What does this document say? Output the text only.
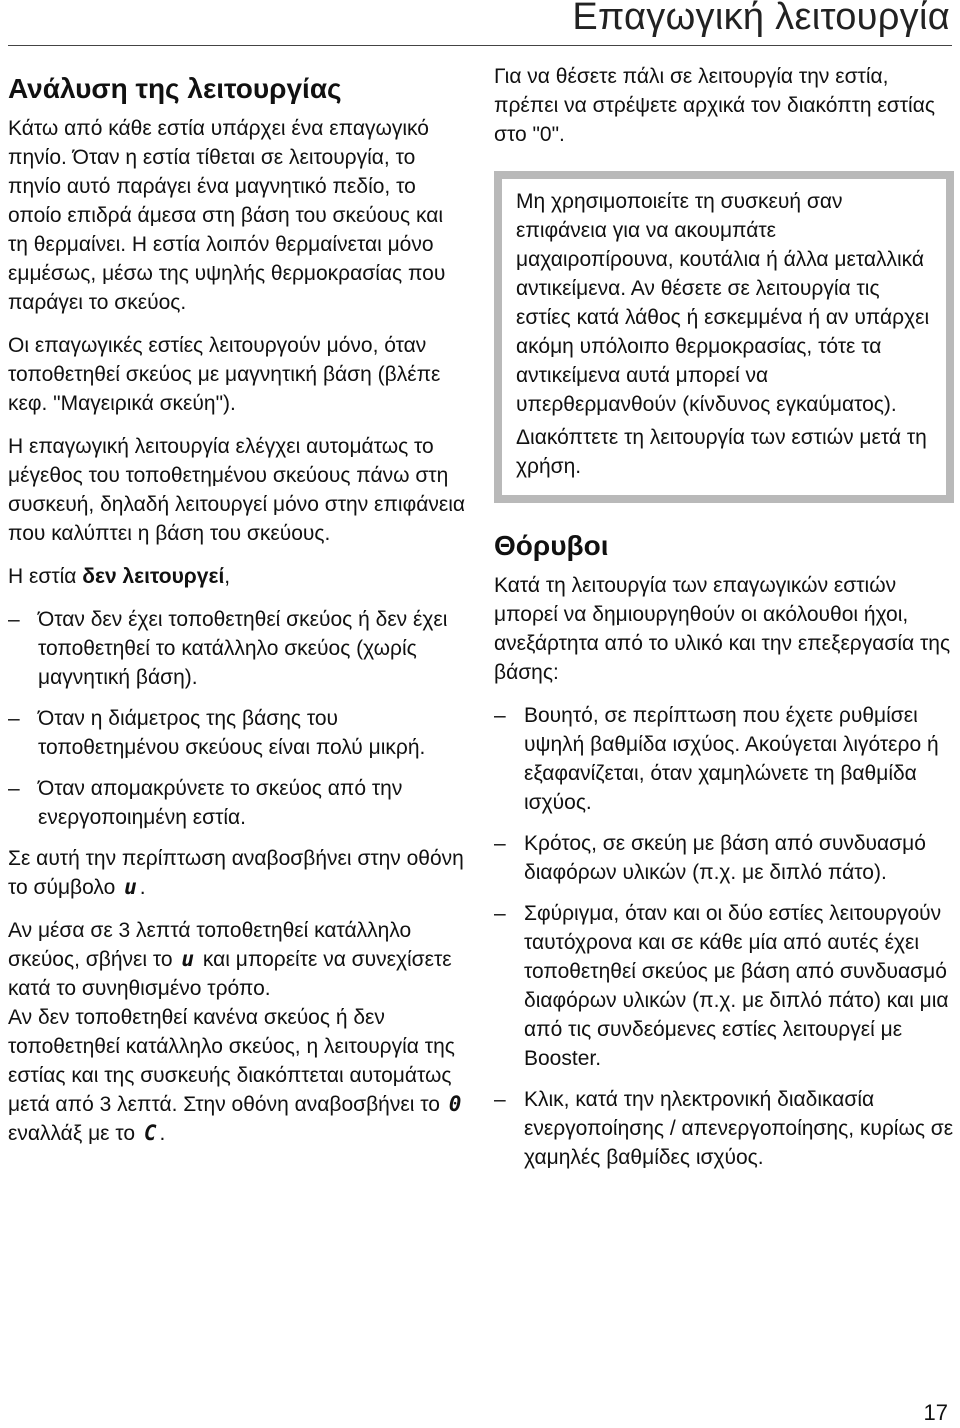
Επαγωγική λειτουργία
Ανάλυση της λειτουργίας

Κάτω από κάθε εστία υπάρχει ένα επαγωγικό πηνίο. Όταν η εστία τίθεται σε λειτουργία, το πηνίο αυτό παράγει ένα μαγνητικό πεδίο, το οποίο επιδρά άμεσα στη βάση του σκεύους και τη θερμαίνει. Η εστία λοιπόν θερμαίνεται μόνο εμμέσως, μέσω της υψηλής θερμοκρασίας που παράγει το σκεύος.

Οι επαγωγικές εστίες λειτουργούν μόνο, όταν τοποθετηθεί σκεύος με μαγνητική βάση (βλέπε κεφ. "Μαγειρικά σκεύη").

Η επαγωγική λειτουργία ελέγχει αυτομάτως το μέγεθος του τοποθετημένου σκεύους πάνω στη συσκευή, δηλαδή λειτουργεί μόνο στην επιφάνεια που καλύπτει η βάση του σκεύους.

Η εστία δεν λειτουργεί,

– Όταν δεν έχει τοποθετηθεί σκεύος ή δεν έχει τοποθετηθεί το κατάλληλο σκεύος (χωρίς μαγνητική βάση).
– Όταν η διάμετρος της βάσης του τοποθετημένου σκεύους είναι πολύ μικρή.
– Όταν απομακρύνετε το σκεύος από την ενεργοποιημένη εστία.

Σε αυτή την περίπτωση αναβοσβήνει στην οθόνη το σύμβολο u .

Αν μέσα σε 3 λεπτά τοποθετηθεί κατάλληλο σκεύος, σβήνει το u και μπορείτε να συνεχίσετε κατά το συνηθισμένο τρόπο.

Αν δεν τοποθετηθεί κανένα σκεύος ή δεν τοποθετηθεί κατάλληλο σκεύος, η λειτουργία της εστίας και της συσκευής διακόπτεται αυτομάτως μετά από 3 λεπτά. Στην οθόνη αναβοσβήνει το 0 εναλλάξ με το C .

Για να θέσετε πάλι σε λειτουργία την εστία, πρέπει να στρέψετε αρχικά τον διακόπτη εστίας στο "0".

Μη χρησιμοποιείτε τη συσκευή σαν επιφάνεια για να ακουμπάτε μαχαιροπίρουνα, κουτάλια ή άλλα μεταλλικά αντικείμενα. Αν θέσετε σε λειτουργία τις εστίες κατά λάθος ή εσκεμμένα ή αν υπάρχει ακόμη υπόλοιπο θερμοκρασίας, τότε τα αντικείμενα αυτά μπορεί να υπερθερμανθούν (κίνδυνος εγκαύματος).

Διακόπτετε τη λειτουργία των εστιών μετά τη χρήση.

Θόρυβοι

Κατά τη λειτουργία των επαγωγικών εστιών μπορεί να δημιουργηθούν οι ακόλουθοι ήχοι, ανεξάρτητα από το υλικό και την επεξεργασία της βάσης:

– Βουητό, σε περίπτωση που έχετε ρυθμίσει υψηλή βαθμίδα ισχύος. Ακούγεται λιγότερο ή εξαφανίζεται, όταν χαμηλώνετε τη βαθμίδα ισχύος.
– Κρότος, σε σκεύη με βάση από συνδυασμό διαφόρων υλικών (π.χ. με διπλό πάτο).
– Σφύριγμα, όταν και οι δύο εστίες λειτουργούν ταυτόχρονα και σε κάθε μία από αυτές έχει τοποθετηθεί σκεύος με βάση από συνδυασμό διαφόρων υλικών (π.χ. με διπλό πάτο) και μια από τις συνδεόμενες εστίες λειτουργεί με Booster.
– Κλικ, κατά την ηλεκτρονική διαδικασία ενεργοποίησης / απενεργοποίησης, κυρίως σε χαμηλές βαθμίδες ισχύος.
17
